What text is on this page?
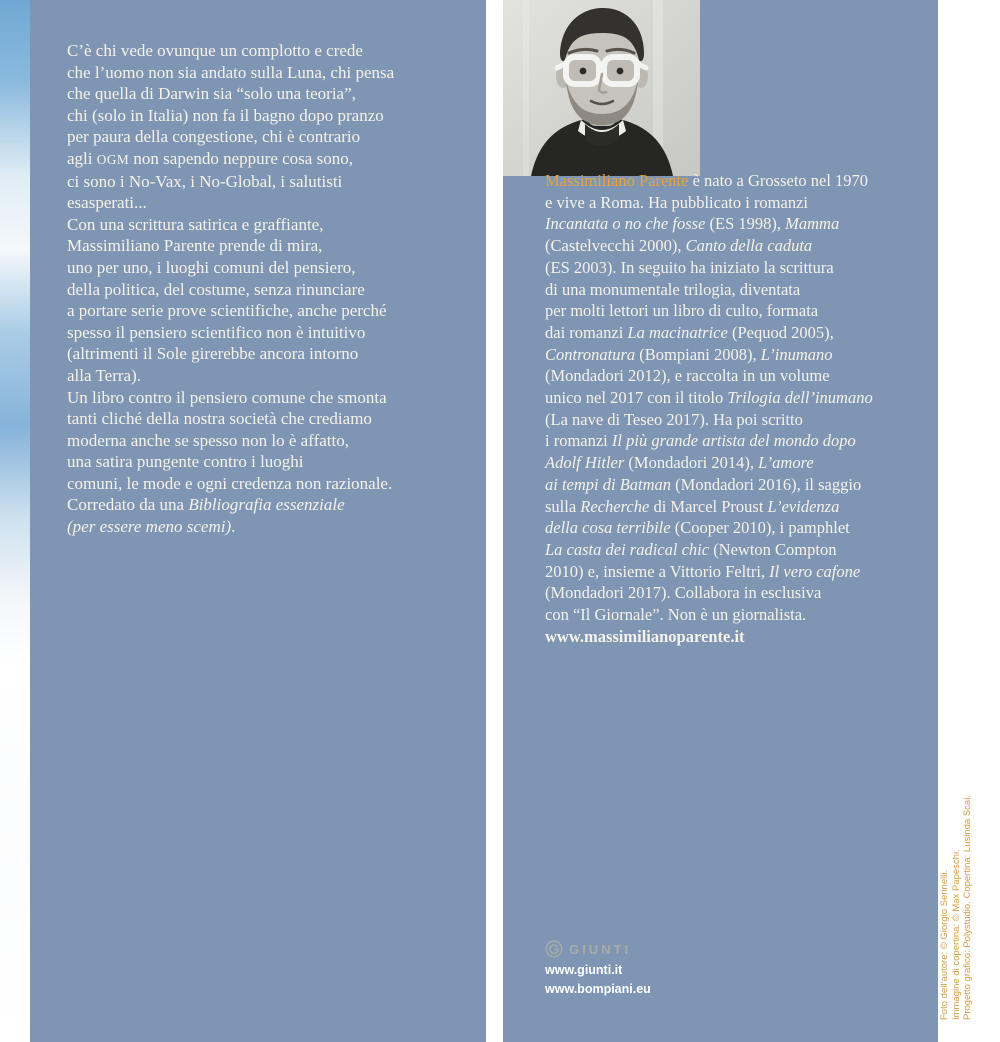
C’è chi vede ovunque un complotto e crede
che l’uomo non sia andato sulla Luna, chi pensa
che quella di Darwin sia “solo una teoria”,
chi (solo in Italia) non fa il bagno dopo pranzo
per paura della congestione, chi è contrario
agli OGM non sapendo neppure cosa sono,
ci sono i No-Vax, i No-Global, i salutisti
esasperati...
Con una scrittura satirica e graffiante,
Massimiliano Parente prende di mira,
uno per uno, i luoghi comuni del pensiero,
della politica, del costume, senza rinunciare
a portare serie prove scientifiche, anche perché
spesso il pensiero scientifico non è intuitivo
(altrimenti il Sole girerebbe ancora intorno
alla Terra).
Un libro contro il pensiero comune che smonta
tanti cliché della nostra società che crediamo
moderna anche se spesso non lo è affatto,
una satira pungente contro i luoghi
comuni, le mode e ogni credenza non razionale.
Corredato da una Bibliografia essenziale
(per essere meno scemi).
Massimiliano Parente è nato a Grosseto nel 1970
e vive a Roma. Ha pubblicato i romanzi
Incantata o no che fosse (ES 1998), Mamma
(Castelvecchi 2000), Canto della caduta
(ES 2003). In seguito ha iniziato la scrittura
di una monumentale trilogia, diventata
per molti lettori un libro di culto, formata
dai romanzi La macinatrice (Pequod 2005),
Contronatura (Bompiani 2008), L’inumano
(Mondadori 2012), e raccolta in un volume
unico nel 2017 con il titolo Trilogia dell’inumano
(La nave di Teseo 2017). Ha poi scritto
i romanzi Il più grande artista del mondo dopo
Adolf Hitler (Mondadori 2014), L’amore
ai tempi di Batman (Mondadori 2016), il saggio
sulla Recherche di Marcel Proust L’evidenza
della cosa terribile (Cooper 2010), i pamphlet
La casta dei radical chic (Newton Compton
2010) e, insieme a Vittorio Feltri, Il vero cafone
(Mondadori 2017). Collabora in esclusiva
con “Il Giornale”. Non è un giornalista.
www.massimilianoparente.it
GIUNTI
www.giunti.it
www.bompiani.eu	Foto dell’autore: © Giorgio Serinelli. Immagine di copertina: © Max Papeschi. Progetto grafico: Polystudio. Copertina: Lusinda Scai.
